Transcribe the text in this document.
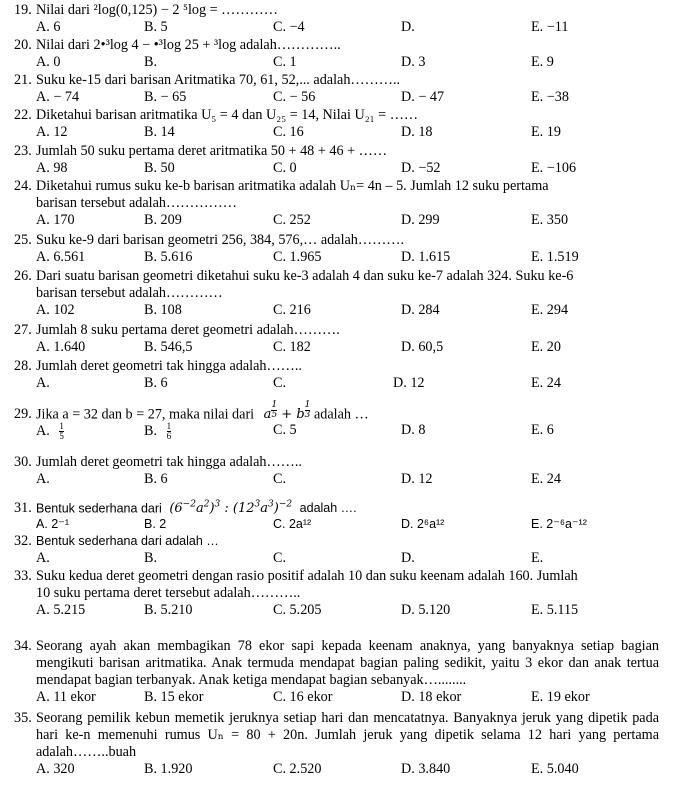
19. Nilai dari ²log(0,125) − 2 ⁵log = …………
A. 6	B. 5	C. −4	D.	E. −11
20. Nilai dari 2•³log 4 − •³log 25 + ³log adalah…………..
A. 0	B.	C. 1	D. 3	E. 9
21. Suku ke-15 dari barisan Aritmatika 70, 61, 52,... adalah………..
A. − 74	B. − 65	C. − 56	D. − 47	E. −38
22. Diketahui barisan aritmatika U₅ = 4 dan U₂₅ = 14, Nilai U₂₁ = ……
A. 12	B. 14	C. 16	D. 18	E. 19
23. Jumlah 50 suku pertama deret aritmatika 50 + 48 + 46 + ……
A. 98	B. 50	C. 0	D. −52	E. −106
24. Diketahui rumus suku ke-b barisan aritmatika adalah Uₙ= 4n – 5. Jumlah 12 suku pertama
barisan tersebut adalah……………
A. 170	B. 209	C. 252	D. 299	E. 350
25. Suku ke-9 dari barisan geometri 256, 384, 576,… adalah……….
A. 6.561	B. 5.616	C. 1.965	D. 1.615	E. 1.519
26. Dari suatu barisan geometri diketahui suku ke-3 adalah 4 dan suku ke-7 adalah 324. Suku ke-6
barisan tersebut adalah…………
A. 102	B. 108	C. 216	D. 284	E. 294
27. Jumlah 8 suku pertama deret geometri adalah……….
A. 1.640	B. 546,5	C. 182	D. 60,5	E. 20
28. Jumlah deret geometri tak hingga adalah……..
A.	B. 6	C.	D. 12	E. 24
29. Jika a = 32 dan b = 27, maka nilai dari a $^{\frac{1}{5}}$ + b $^{\frac{1}{3}}$ adalah …
A. $\frac{1}{5}$	B. $\frac{1}{6}$	C. 5	D. 8	E. 6
30. Jumlah deret geometri tak hingga adalah……..
A.	B. 6	C.	D. 12	E. 24
31. Bentuk sederhana dari $(6^{-2}a^2)^3$ : $(12^3a^3)^{-2}$ adalah ….
A. 2⁻¹	B. 2	C. 2a¹²	D. 2⁶a¹²	E. 2⁻⁶a⁻¹²
32. Bentuk sederhana dari adalah …
A.	B.	C.	D.	E.
33. Suku kedua deret geometri dengan rasio positif adalah 10 dan suku keenam adalah 160. Jumlah
10 suku pertama deret tersebut adalah………..
A. 5.215	B. 5.210	C. 5.205	D. 5.120	E. 5.115
34. Seorang ayah akan membagikan 78 ekor sapi kepada keenam anaknya, yang banyaknya setiap bagian mengikuti barisan aritmatika. Anak termuda mendapat bagian paling sedikit, yaitu 3 ekor dan anak tertua mendapat bagian terbanyak. Anak ketiga mendapat bagian sebanyak…........
A. 11 ekor	B. 15 ekor	C. 16 ekor	D. 18 ekor	E. 19 ekor
35. Seorang pemilik kebun memetik jeruknya setiap hari dan mencatatnya. Banyaknya jeruk yang dipetik pada hari ke-n memenuhi rumus Uₙ = 80 + 20n. Jumlah jeruk yang dipetik selama 12 hari yang pertama adalah……..buah
A. 320	B. 1.920	C. 2.520	D. 3.840	E. 5.040
